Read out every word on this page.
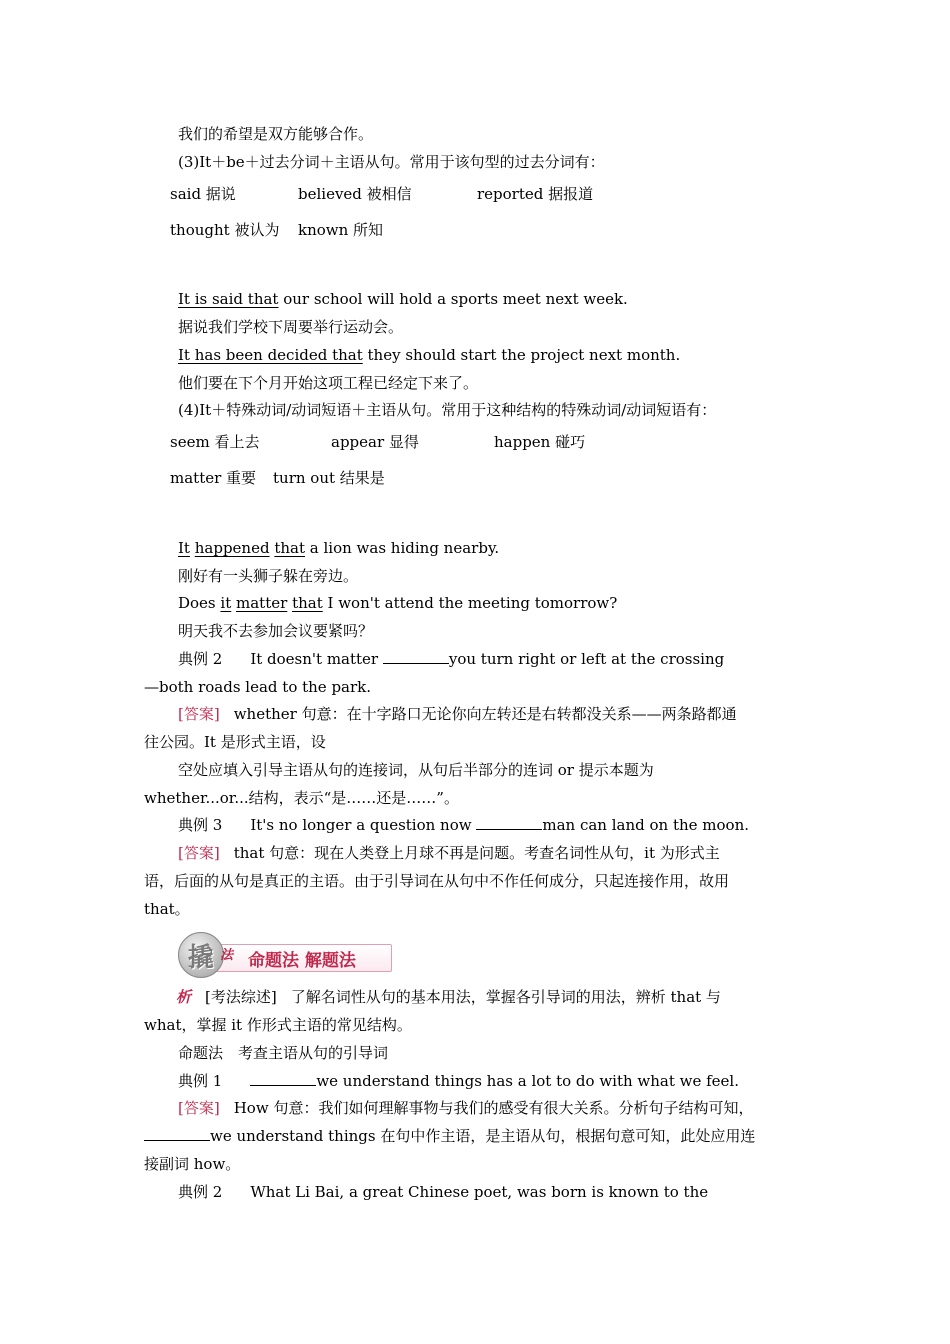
我们的希望是双方能够合作。
(3)It＋be＋过去分词＋主语从句。常用于该句型的过去分词有：
said 据说	believed 被相信	reported 据报道
thought 被认为 known 所知
It is said that our school will hold a sports meet next week.
据说我们学校下周要举行运动会。
It has been decided that they should start the project next month.
他们要在下个月开始这项工程已经定下来了。
(4)It＋特殊动词/动词短语＋主语从句。常用于这种结构的特殊动词/动词短语有：
seem 看上去	appear 显得	happen 碰巧
matter 重要 turn out 结果是
It happened that a lion was hiding nearby.
刚好有一头狮子躲在旁边。
Does it matter that I won't attend the meeting tomorrow?
明天我不去参加会议要紧吗？
典例 2 It doesn't matter	you turn right or left at the crossing
—both roads lead to the park.
[答案] whether 句意：在十字路口无论你向左转还是右转都没关系——两条路都通
往公园。It 是形式主语，设
空处应填入引导主语从句的连接词，从句后半部分的连词 or 提示本题为
whether...or...结构，表示“是……还是……”。
典例 3 It's no longer a question now	man can land on the moon.
[答案] that 句意：现在人类登上月球不再是问题。考查名词性从句，it 为形式主
语，后面的从句是真正的主语。由于引导词在从句中不作任何成分，只起连接作用，故用
that。
撬 法 命题法 解题法
析 [考法综述] 了解名词性从句的基本用法，掌握各引导词的用法，辨析 that 与
what，掌握 it 作形式主语的常见结构。
命题法　考查主语从句的引导词
典例 1	we understand things has a lot to do with what we feel.
[答案] How 句意：我们如何理解事物与我们的感受有很大关系。分析句子结构可知，
we understand things 在句中作主语，是主语从句，根据句意可知，此处应用连
接副词 how。
典例 2 What Li Bai, a great Chinese poet, was born is known to the
